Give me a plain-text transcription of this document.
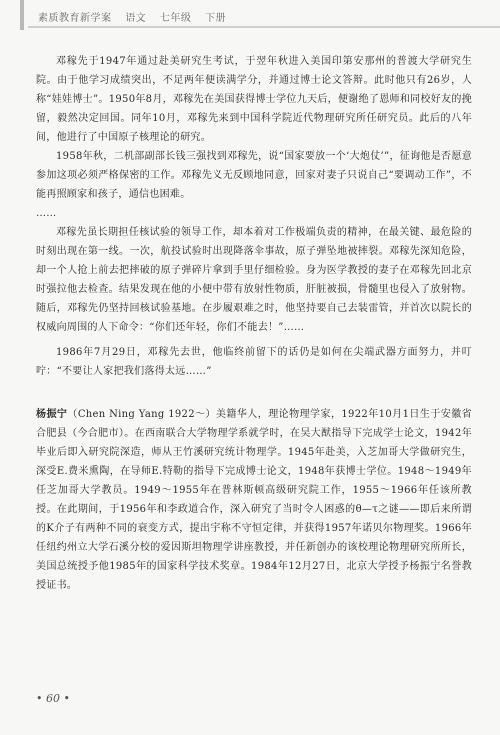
素质教育新学案 语文 七年级 下册

邓稼先于1947年通过赴美研究生考试，于翌年秋进入美国印第安那州的普渡大学研究生院。由于他学习成绩突出，不足两年便读满学分，并通过博士论文答辩。此时他只有26岁，人称“娃娃博士”。1950年8月，邓稼先在美国获得博士学位九天后，便谢绝了恩师和同校好友的挽留，毅然决定回国。同年10月，邓稼先来到中国科学院近代物理研究所任研究员。此后的八年间，他进行了中国原子核理论的研究。

1958年秋，二机部副部长钱三强找到邓稼先，说“国家要放一个‘大炮仗’”，征询他是否愿意参加这项必须严格保密的工作。邓稼先义无反顾地同意，回家对妻子只说自己“要调动工作”，不能再照顾家和孩子，通信也困难。

……

邓稼先虽长期担任核试验的领导工作，却本着对工作极端负责的精神，在最关键、最危险的时刻出现在第一线。一次，航投试验时出现降落伞事故，原子弹坠地被摔裂。邓稼先深知危险，却一个人抢上前去把摔破的原子弹碎片拿到手里仔细检验。身为医学教授的妻子在邓稼先回北京时强拉他去检查。结果发现在他的小便中带有放射性物质，肝脏被损，骨髓里也侵入了放射物。随后，邓稼先仍坚持回核试验基地。在步履艰难之时，他坚持要自己去装雷管，并首次以院长的权威向周围的人下命令：“你们还年轻，你们不能去！”……

1986年7月29日，邓稼先去世，他临终前留下的话仍是如何在尖端武器方面努力，并叮咛：“不要让人家把我们落得太远……”

杨振宁（Chen Ning Yang 1922～）美籍华人，理论物理学家，1922年10月1日生于安徽省合肥县（今合肥市）。在西南联合大学物理学系就学时，在吴大猷指导下完成学士论文，1942年毕业后即入研究院深造，师从王竹溪研究统计物理学。1945年赴美，入芝加哥大学做研究生，深受E.费米熏陶，在导师E.特勒的指导下完成博士论文，1948年获博士学位。1948～1949年任芝加哥大学教员。1949～1955年在普林斯顿高级研究院工作，1955～1966年任该所教授。在此期间，于1956年和李政道合作，深入研究了当时令人困惑的θ—τ之谜——即后来所谓的K介子有两种不同的衰变方式，提出宇称不守恒定律，并获得1957年诺贝尔物理奖。1966年任纽约州立大学石溪分校的爱因斯坦物理学讲座教授，并任新创办的该校理论物理研究所所长，美国总统授予他1985年的国家科学技术奖章。1984年12月27日，北京大学授予杨振宁名誉教授证书。
• 60 •
